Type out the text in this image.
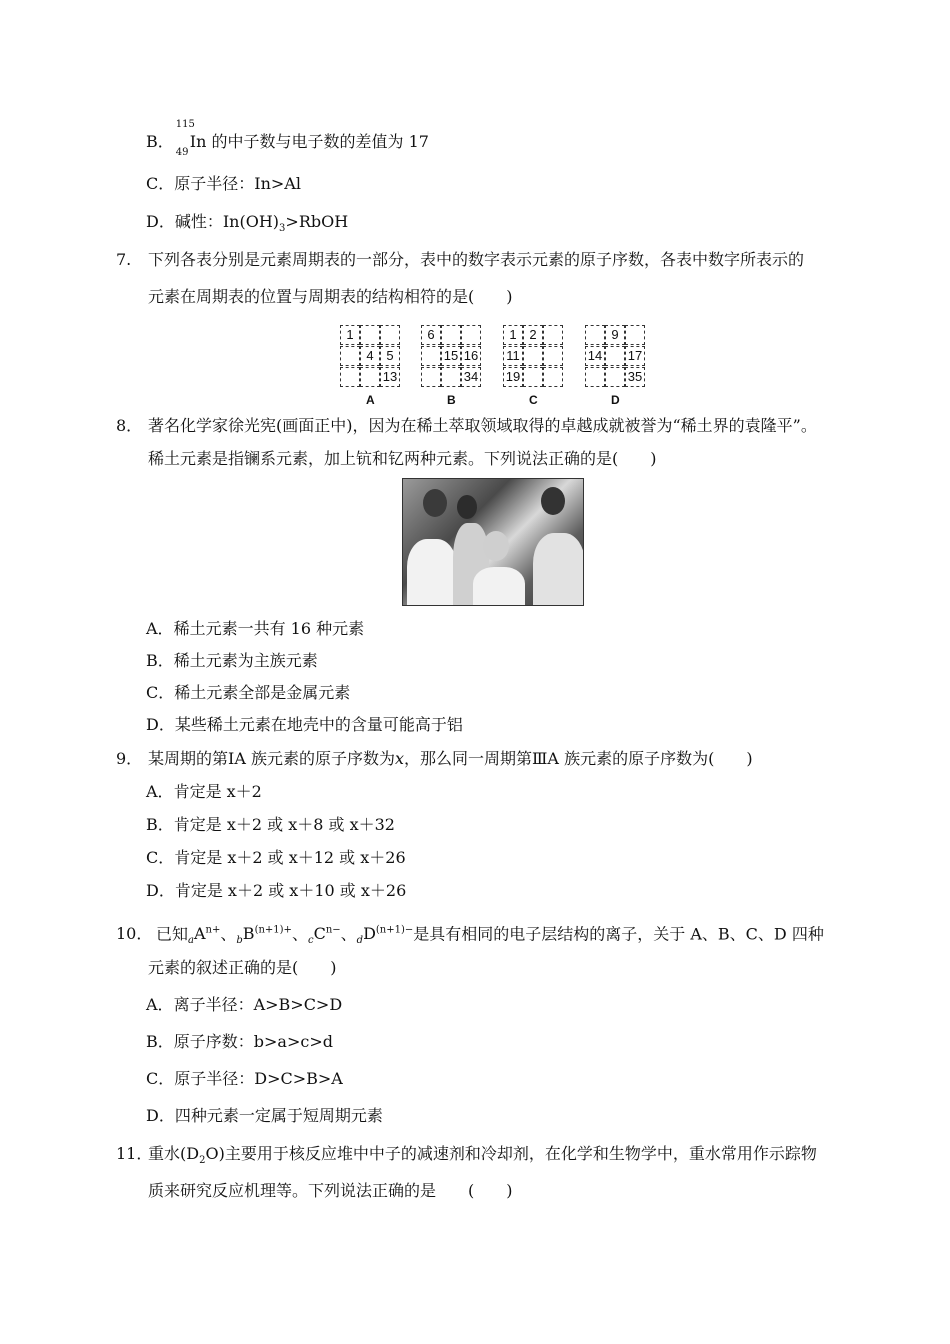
B．
115
49
In 的中子数与电子数的差值为 17
C．原子半径：In>Al
D．碱性：$In(OH)_3>RbOH$
7. 下列各表分别是元素周期表的一部分，表中的数字表示元素的原子序数，各表中数字所表示的
元素在周期表的位置与周期表的结构相符的是(　　)
1
4 5
13
A
6
15 16
34
B
1 2
11
19
C
9
14 17
35
D
8． 著名化学家徐光宪(画面正中)，因为在稀土萃取领域取得的卓越成就被誉为“稀土界的袁隆平”。
稀土元素是指镧系元素，加上钪和钇两种元素。下列说法正确的是(　　)
A．稀土元素一共有 16 种元素
B．稀土元素为主族元素
C．稀土元素全部是金属元素
D．某些稀土元素在地壳中的含量可能高于铝
9． 某周期的第ⅠA 族元素的原子序数为x，那么同一周期第ⅢA 族元素的原子序数为(　　)
A．肯定是 x＋2
B．肯定是 x＋2 或 x＋8 或 x＋32
C．肯定是 x＋2 或 x＋12 或 x＋26
D．肯定是 x＋2 或 x＋10 或 x＋26
10． 已知$_aA^{n+}$、$_bB^{(n+1)+}$、$_cC^{n-}$、$_dD^{(n+1)-}$是具有相同的电子层结构的离子，关于 A、B、C、D 四种
元素的叙述正确的是(　　)
A．离子半径：A>B>C>D
B．原子序数：b>a>c>d
C．原子半径：D>C>B>A
D．四种元素一定属于短周期元素
11．重水$(D_2O)$主要用于核反应堆中中子的减速剂和冷却剂，在化学和生物学中，重水常用作示踪物
质来研究反应机理等。下列说法正确的是　　(　　)
